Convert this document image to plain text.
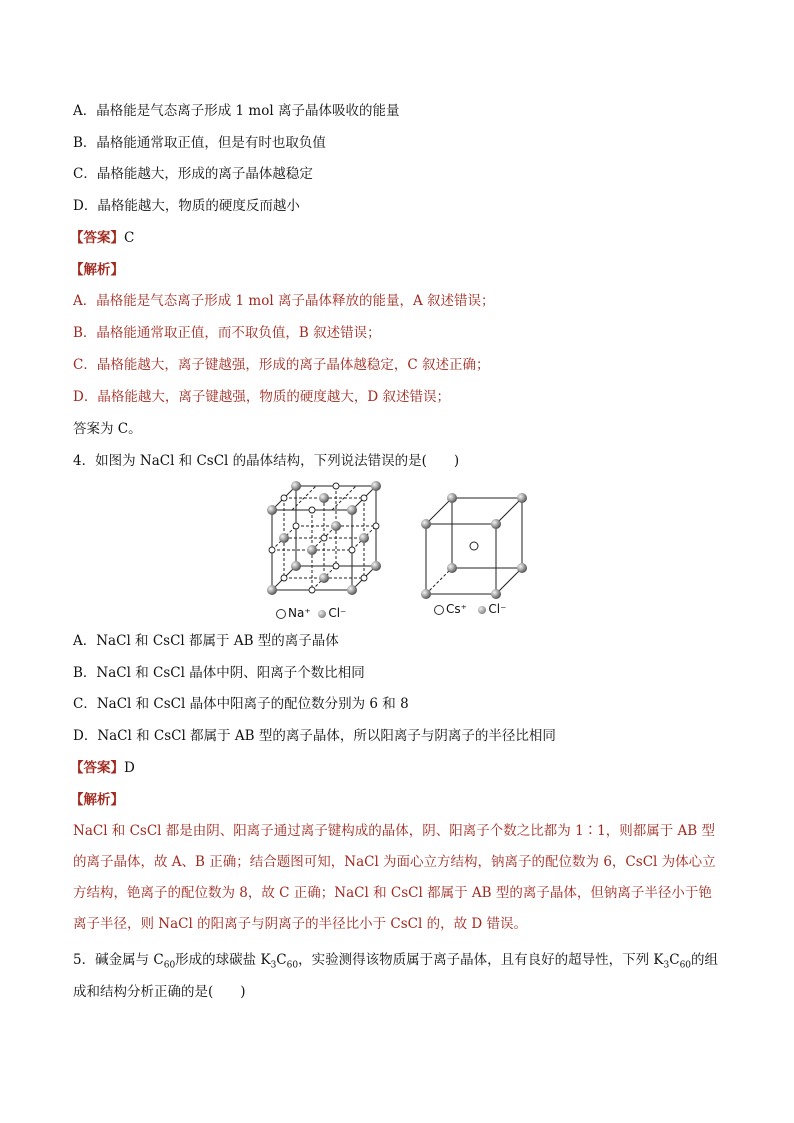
A．晶格能是气态离子形成 1 mol 离子晶体吸收的能量
B．晶格能通常取正值，但是有时也取负值
C．晶格能越大，形成的离子晶体越稳定
D．晶格能越大，物质的硬度反而越小
【答案】C
【解析】
A．晶格能是气态离子形成 1 mol 离子晶体释放的能量，A 叙述错误；
B．晶格能通常取正值，而不取负值，B 叙述错误；
C．晶格能越大，离子键越强，形成的离子晶体越稳定，C 叙述正确；
D．晶格能越大，离子键越强，物质的硬度越大，D 叙述错误；
答案为 C。
4．如图为 NaCl 和 CsCl 的晶体结构，下列说法错误的是(　　)
Na⁺ Cl⁻	Cs⁺ Cl⁻
A．NaCl 和 CsCl 都属于 AB 型的离子晶体
B．NaCl 和 CsCl 晶体中阴、阳离子个数比相同
C．NaCl 和 CsCl 晶体中阳离子的配位数分别为 6 和 8
D．NaCl 和 CsCl 都属于 AB 型的离子晶体，所以阳离子与阴离子的半径比相同
【答案】D
【解析】
NaCl 和 CsCl 都是由阴、阳离子通过离子键构成的晶体，阴、阳离子个数之比都为 1∶1，则都属于 AB 型的离子晶体，故 A、B 正确；结合题图可知，NaCl 为面心立方结构，钠离子的配位数为 6，CsCl 为体心立方结构，铯离子的配位数为 8，故 C 正确；NaCl 和 CsCl 都属于 AB 型的离子晶体，但钠离子半径小于铯离子半径，则 NaCl 的阳离子与阴离子的半径比小于 CsCl 的，故 D 错误。
5．碱金属与 $C_{60}$形成的球碳盐 $K_3C_{60}$，实验测得该物质属于离子晶体，且有良好的超导性，下列 $K_3C_{60}$的组
成和结构分析正确的是(　　)
